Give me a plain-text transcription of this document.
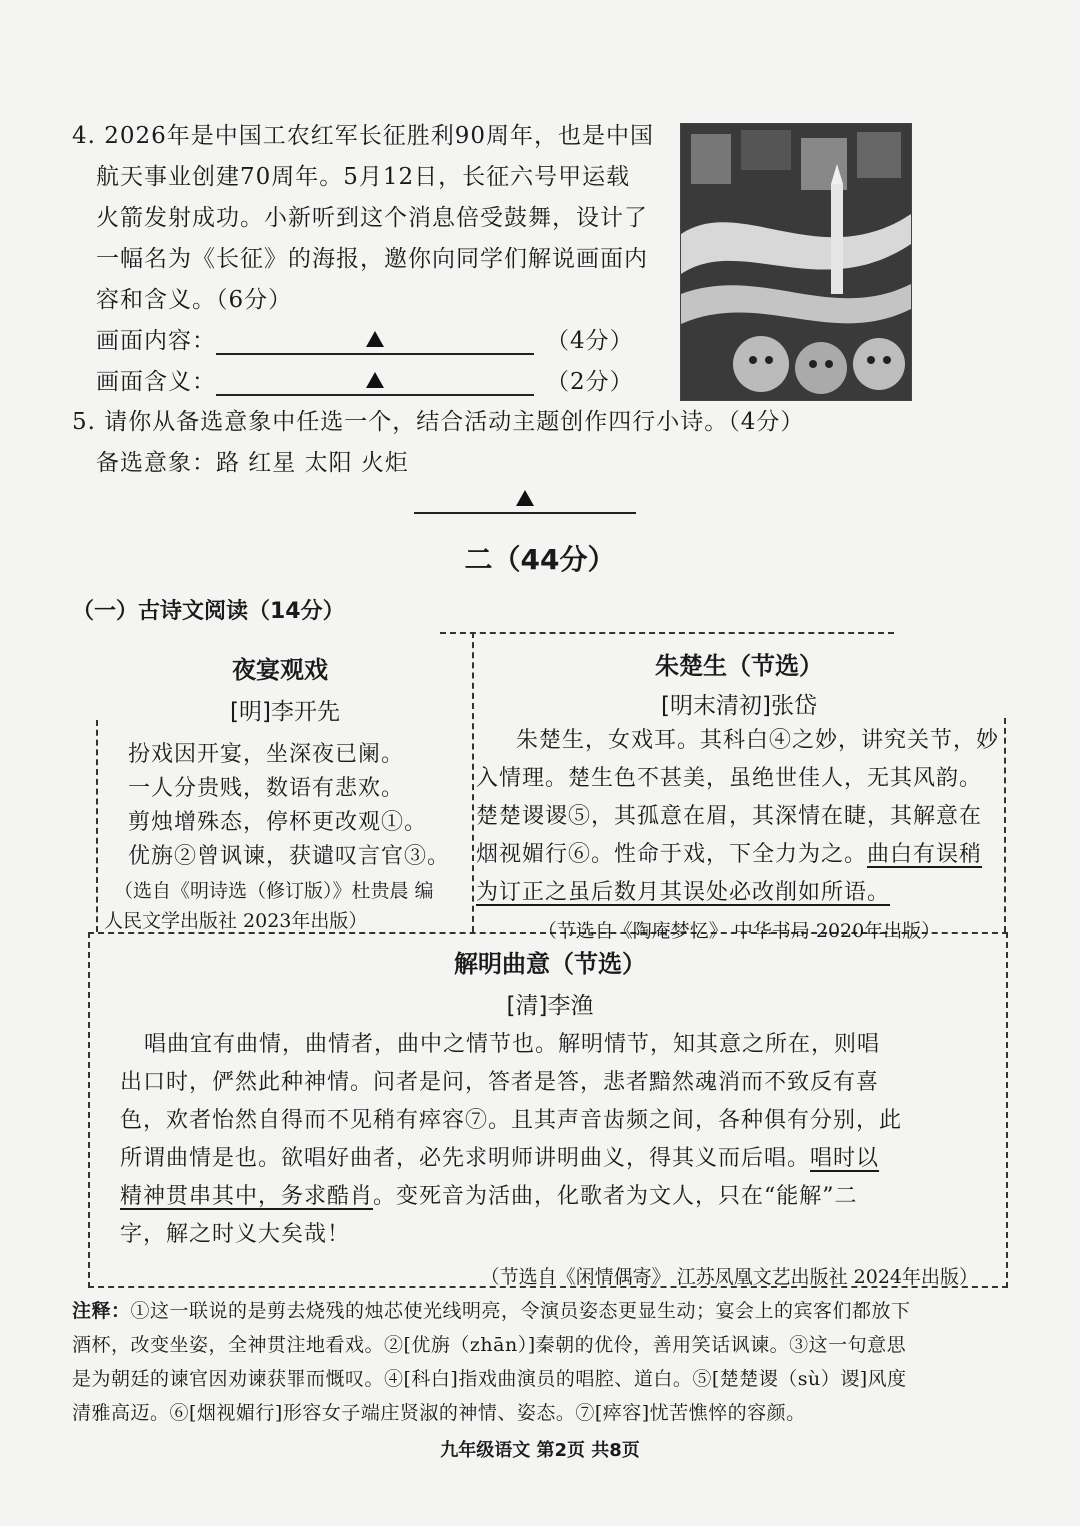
4. 2026年是中国工农红军长征胜利90周年，也是中国
航天事业创建70周年。5月12日，长征六号甲运载
火箭发射成功。小新听到这个消息倍受鼓舞，设计了
一幅名为《长征》的海报，邀你向同学们解说画面内
容和含义。（6分）
画面内容：	（4分）
画面含义：	（2分）
5. 请你从备选意象中任选一个，结合活动主题创作四行小诗。（4分）
备选意象：路 红星 太阳 火炬
二（44分）
（一）古诗文阅读（14分）
夜宴观戏
[明]李开先
扮戏因开宴，坐深夜已阑。
一人分贵贱，数语有悲欢。
剪烛增殊态，停杯更改观①。
优旃②曾讽谏，获谴叹言官③。
（选自《明诗选（修订版）》杜贵晨 编
人民文学出版社 2023年出版）
朱楚生（节选）
[明末清初]张岱
朱楚生，女戏耳。其科白④之妙，讲究关节，妙
入情理。楚生色不甚美，虽绝世佳人，无其风韵。
楚楚谡谡⑤，其孤意在眉，其深情在睫，其解意在
烟视媚行⑥。性命于戏，下全力为之。曲白有误稍
为订正之虽后数月其误处必改削如所语。
（节选自《陶庵梦忆》 中华书局 2020年出版）
解明曲意（节选）
[清]李渔
唱曲宜有曲情，曲情者，曲中之情节也。解明情节，知其意之所在，则唱
出口时，俨然此种神情。问者是问，答者是答，悲者黯然魂消而不致反有喜
色，欢者怡然自得而不见稍有瘁容⑦。且其声音齿频之间，各种俱有分别，此
所谓曲情是也。欲唱好曲者，必先求明师讲明曲义，得其义而后唱。唱时以
精神贯串其中，务求酷肖。变死音为活曲，化歌者为文人，只在“能解”二
字，解之时义大矣哉！
（节选自《闲情偶寄》 江苏凤凰文艺出版社 2024年出版）
注释：①这一联说的是剪去烧残的烛芯使光线明亮，令演员姿态更显生动；宴会上的宾客们都放下
酒杯，改变坐姿，全神贯注地看戏。②[优旃（zhān）]秦朝的优伶，善用笑话讽谏。③这一句意思
是为朝廷的谏官因劝谏获罪而慨叹。④[科白]指戏曲演员的唱腔、道白。⑤[楚楚谡（sù）谡]风度
清雅高迈。⑥[烟视媚行]形容女子端庄贤淑的神情、姿态。⑦[瘁容]忧苦憔悴的容颜。
九年级语文 第2页 共8页
